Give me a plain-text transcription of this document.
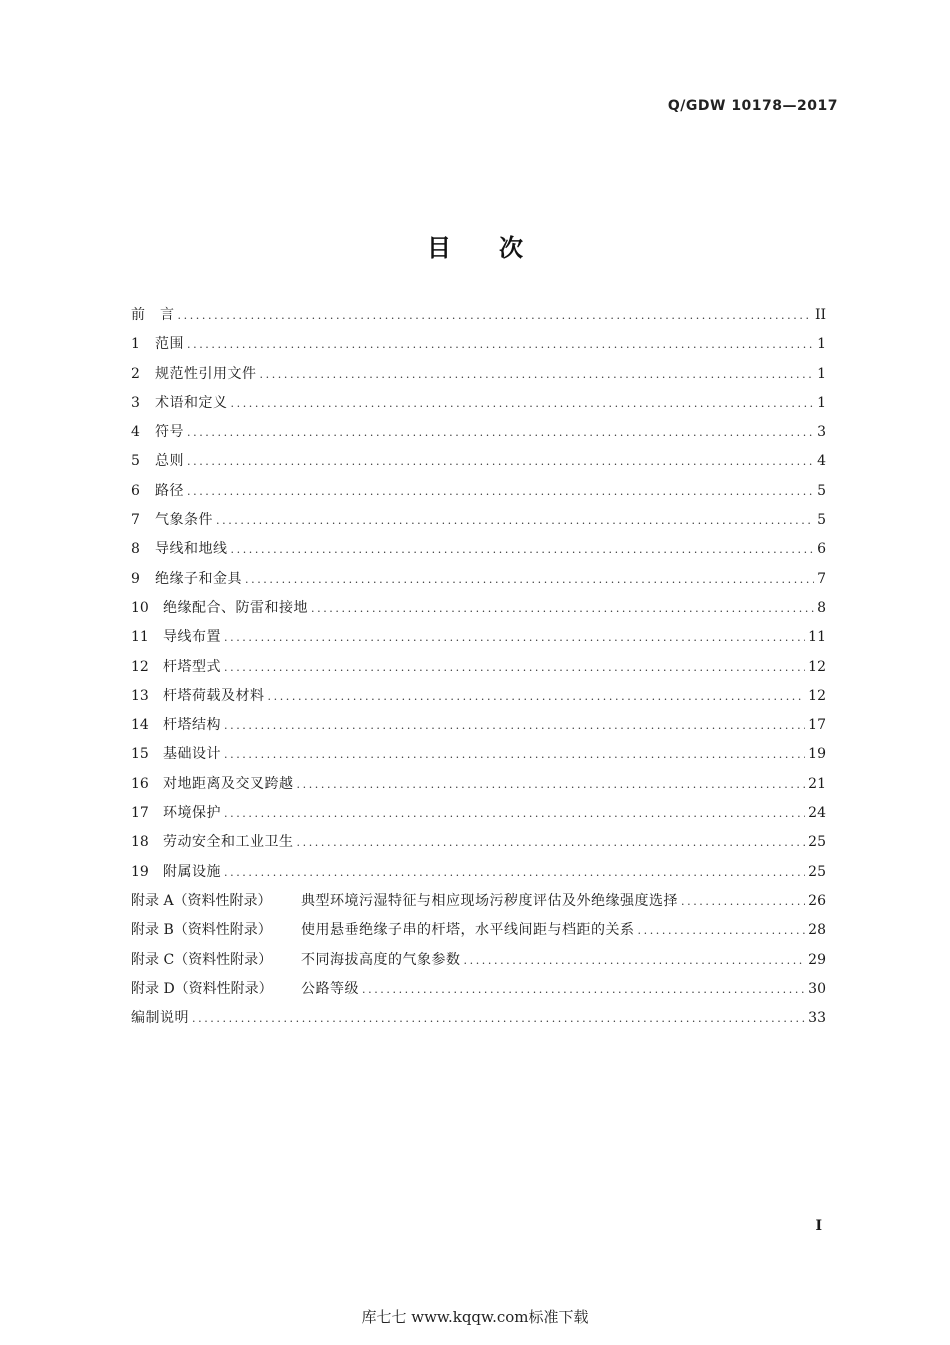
Q/GDW 10178—2017
目次
前　言 .....	II
1	范围 .....	1
2	规范性引用文件 .....	1
3	术语和定义 .....	1
4	符号 .....	3
5	总则 .....	4
6	路径 .....	5
7	气象条件 .....	5
8	导线和地线 .....	6
9	绝缘子和金具 .....	7
10	绝缘配合、防雷和接地 .....	8
11	导线布置 .....	11
12	杆塔型式 .....	12
13	杆塔荷载及材料 .....	12
14	杆塔结构 .....	17
15	基础设计 .....	19
16	对地距离及交叉跨越 .....	21
17	环境保护 .....	24
18	劳动安全和工业卫生 .....	25
19	附属设施 .....	25
附录 A（资料性附录）	典型环境污湿特征与相应现场污秽度评估及外绝缘强度选择 .....	26
附录 B（资料性附录）	使用悬垂绝缘子串的杆塔，水平线间距与档距的关系 .....	28
附录 C（资料性附录）	不同海拔高度的气象参数 .....	29
附录 D（资料性附录）	公路等级 .....	30
编制说明 .....	33
I
库七七 www.kqqw.com标准下载
